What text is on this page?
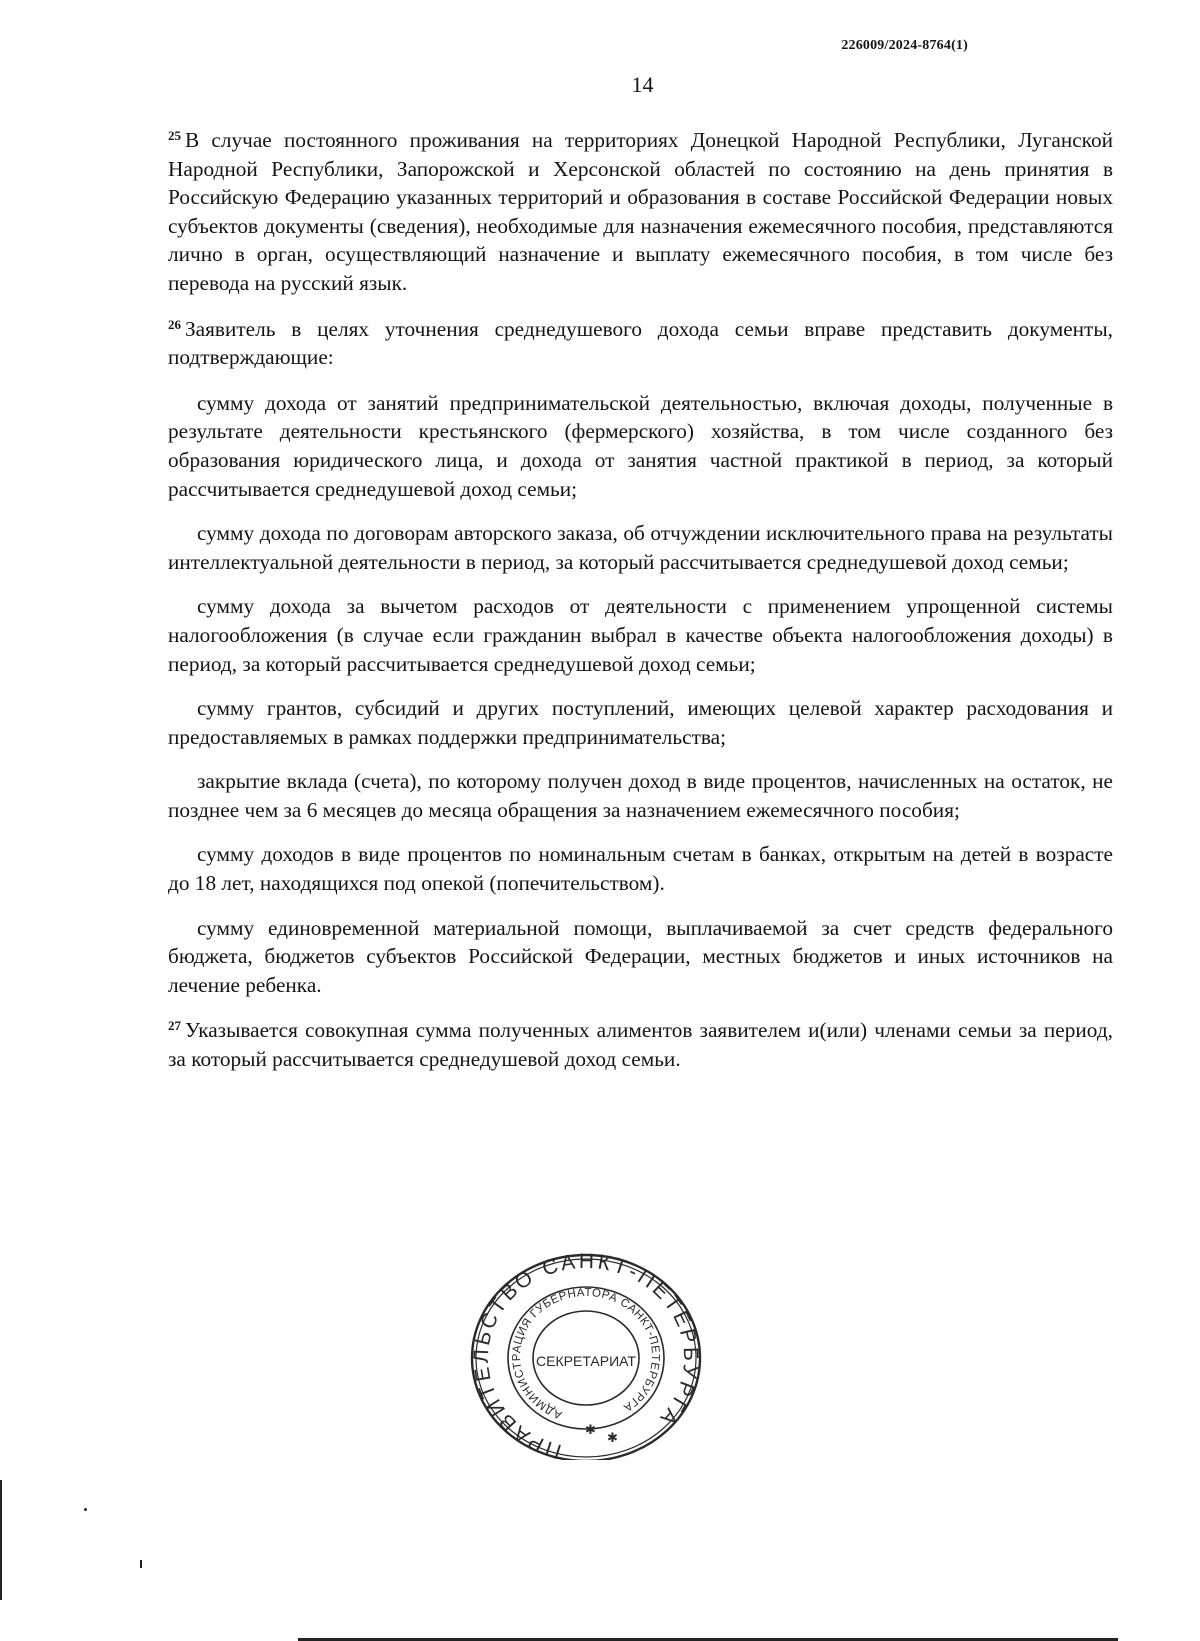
226009/2024-8764(1)
14

$^{25}$ В случае постоянного проживания на территориях Донецкой Народной Республики, Луганской Народной Республики, Запорожской и Херсонской областей по состоянию на день принятия в Российскую Федерацию указанных территорий и образования в составе Российской Федерации новых субъектов документы (сведения), необходимые для назначения ежемесячного пособия, представляются лично в орган, осуществляющий назначение и выплату ежемесячного пособия, в том числе без перевода на русский язык.

$^{26}$ Заявитель в целях уточнения среднедушевого дохода семьи вправе представить документы, подтверждающие:

сумму дохода от занятий предпринимательской деятельностью, включая доходы, полученные в результате деятельности крестьянского (фермерского) хозяйства, в том числе созданного без образования юридического лица, и дохода от занятия частной практикой в период, за который рассчитывается среднедушевой доход семьи;

сумму дохода по договорам авторского заказа, об отчуждении исключительного права на результаты интеллектуальной деятельности в период, за который рассчитывается среднедушевой доход семьи;

сумму дохода за вычетом расходов от деятельности с применением упрощенной системы налогообложения (в случае если гражданин выбрал в качестве объекта налогообложения доходы) в период, за который рассчитывается среднедушевой доход семьи;

сумму грантов, субсидий и других поступлений, имеющих целевой характер расходования и предоставляемых в рамках поддержки предпринимательства;

закрытие вклада (счета), по которому получен доход в виде процентов, начисленных на остаток, не позднее чем за 6 месяцев до месяца обращения за назначением ежемесячного пособия;

сумму доходов в виде процентов по номинальным счетам в банках, открытым на детей в возрасте до 18 лет, находящихся под опекой (попечительством).

сумму единовременной материальной помощи, выплачиваемой за счет средств федерального бюджета, бюджетов субъектов Российской Федерации, местных бюджетов и иных источников на лечение ребенка.

$^{27}$ Указывается совокупная сумма полученных алиментов заявителем и(или) членами семьи за период, за который рассчитывается среднедушевой доход семьи.

ПРАВИТЕЛЬСТВО САНКТ-ПЕТЕРБУРГА
АДМИНИСТРАЦИЯ ГУБЕРНАТОРА САНКТ-ПЕТЕРБУРГА
СЕКРЕТАРИАТ
✱
✱
